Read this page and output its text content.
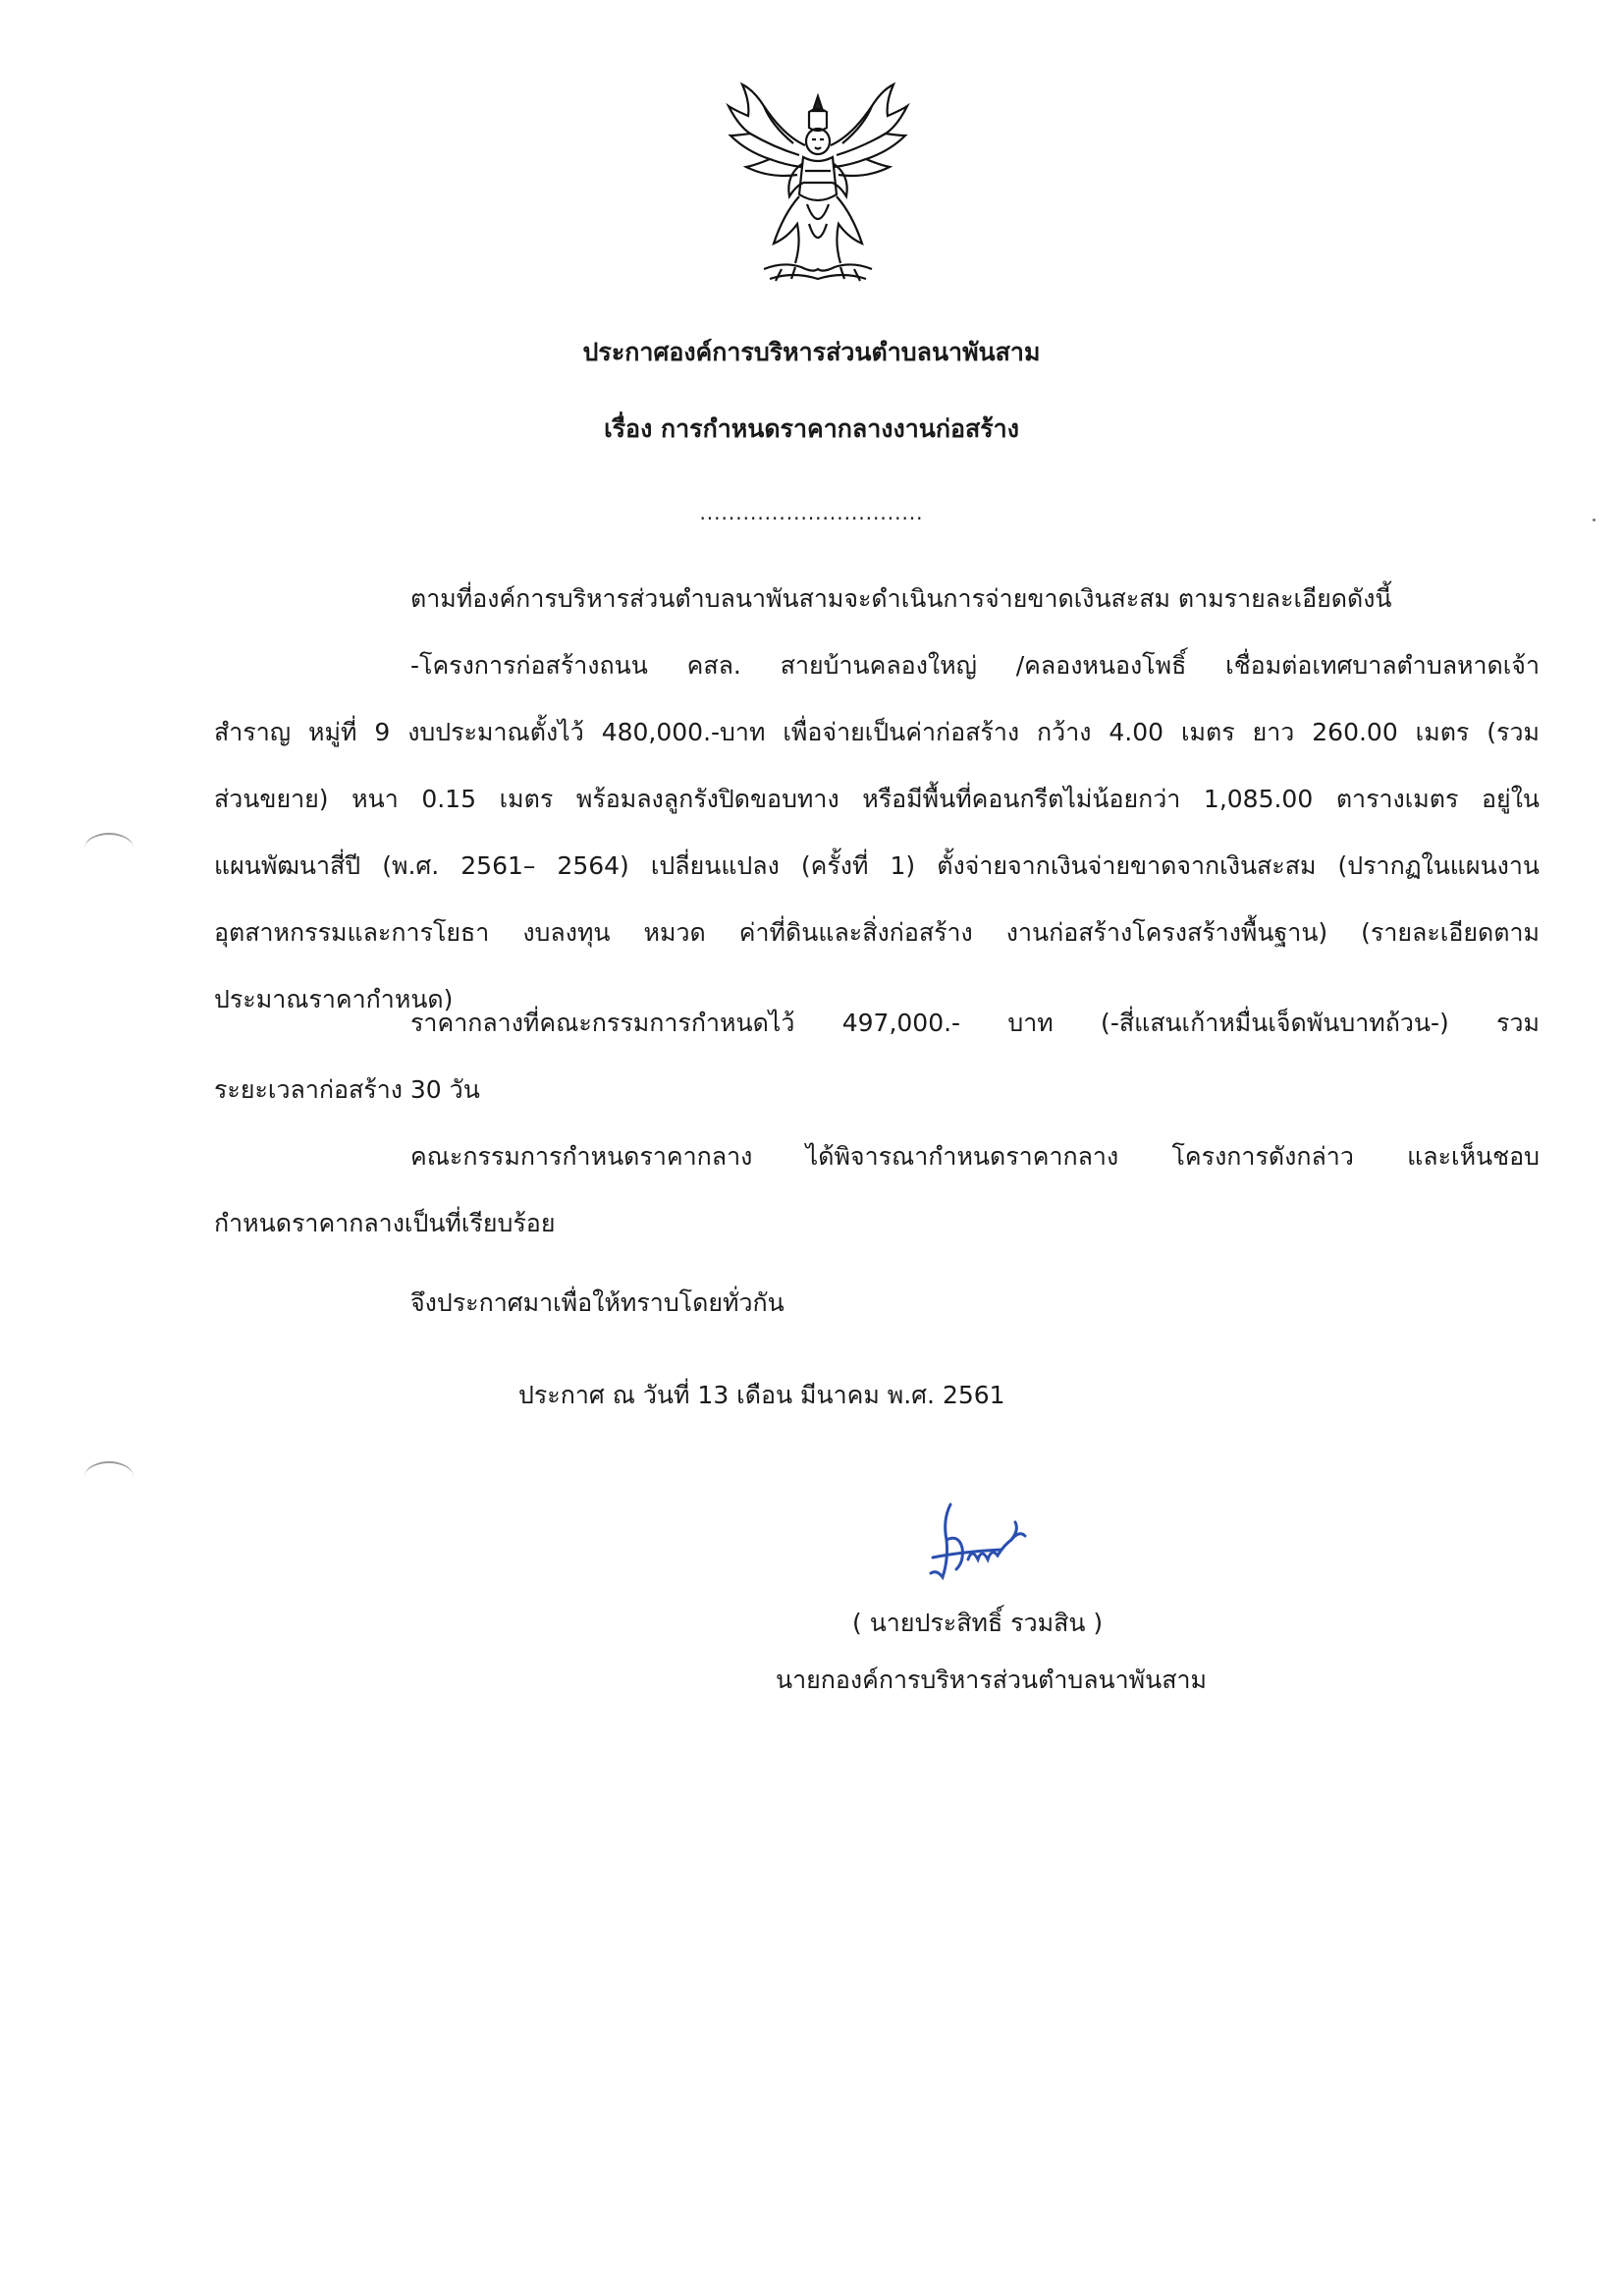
ประกาศองค์การบริหารส่วนตำบลนาพันสาม
เรื่อง การกำหนดราคากลางงานก่อสร้าง
...............................
ตามที่องค์การบริหารส่วนตำบลนาพันสามจะดำเนินการจ่ายขาดเงินสะสม ตามรายละเอียดดังนี้
-โครงการก่อสร้างถนน คสล. สายบ้านคลองใหญ่ /คลองหนองโพธิ์ เชื่อมต่อเทศบาลตำบลหาดเจ้า
สำราญ หมู่ที่ 9 งบประมาณตั้งไว้ 480,000.-บาท เพื่อจ่ายเป็นค่าก่อสร้าง กว้าง 4.00 เมตร ยาว 260.00 เมตร (รวม
ส่วนขยาย) หนา 0.15 เมตร พร้อมลงลูกรังปิดขอบทาง หรือมีพื้นที่คอนกรีตไม่น้อยกว่า 1,085.00 ตารางเมตร อยู่ใน
แผนพัฒนาสี่ปี (พ.ศ. 2561– 2564) เปลี่ยนแปลง (ครั้งที่ 1) ตั้งจ่ายจากเงินจ่ายขาดจากเงินสะสม (ปรากฏในแผนงาน
อุตสาหกรรมและการโยธา งบลงทุน หมวด ค่าที่ดินและสิ่งก่อสร้าง งานก่อสร้างโครงสร้างพื้นฐาน) (รายละเอียดตาม
ประมาณราคากำหนด)
ราคากลางที่คณะกรรมการกำหนดไว้ 497,000.- บาท (-สี่แสนเก้าหมื่นเจ็ดพันบาทถ้วน-) รวม
ระยะเวลาก่อสร้าง 30 วัน
คณะกรรมการกำหนดราคากลาง ได้พิจารณากำหนดราคากลาง โครงการดังกล่าว และเห็นชอบ
กำหนดราคากลางเป็นที่เรียบร้อย
จึงประกาศมาเพื่อให้ทราบโดยทั่วกัน
ประกาศ ณ วันที่ 13 เดือน มีนาคม พ.ศ. 2561
( นายประสิทธิ์ รวมสิน )
นายกองค์การบริหารส่วนตำบลนาพันสาม
